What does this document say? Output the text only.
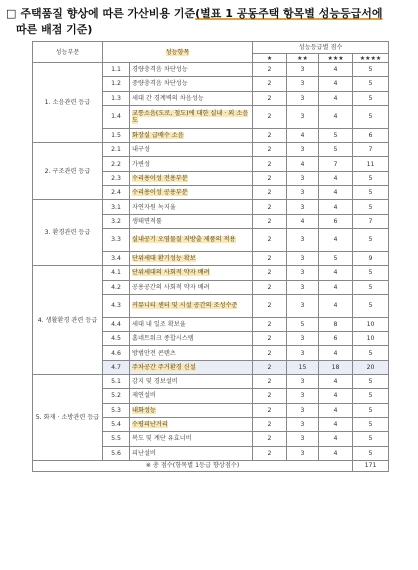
□ 주택품질 향상에 따른 가산비용 기준(별표 1 공동주택 항목별 성능등급서에
따른 배점 기준)
성능부문	성능항목		성능등급별 점수			
			★	★★	★★★	★★★★
1. 소음관련 등급	1.1	경량충격음 차단성능	2	3	4	5
	1.2	중량충격음 차단성능	2	3	4	5
	1.3	세대 간 경계벽의 차음성능	2	3	4	5
	1.4	교통소음(도로, 철도)에 대한 실내 · 외 소음도	2	3	4	5
	1.5	화장실 급배수 소음	2	4	5	6
2. 구조관련 등급	2.1	내구성	2	3	5	7
	2.2	가변성	2	4	7	11
	2.3	수리용이성 전용부분	2	3	4	5
	2.4	수리용이성 공용부분	2	3	4	5
3. 환경관련 등급	3.1	자연자원 녹지율	2	3	4	5
	3.2	생태면적률	2	4	6	7
	3.3	실내공기 오염물질 저방출 제품의 적용	2	3	4	5
	3.4	단위세대 환기성능 확보	2	3	5	9
4. 생활환경 관련 등급	4.1	단위세대의 사회적 약자 배려	2	3	4	5
	4.2	공용공간의 사회적 약자 배려	2	3	4	5
	4.3	커뮤니티 센터 및 시설 공간의 조성수준	2	3	4	5
	4.4	세대 내 일조 확보율	2	5	8	10
	4.5	홈네트워크 종합시스템	2	3	6	10
	4.6	방범안전 콘텐츠	2	3	4	5
	4.7	주차공간 주거환경 신설	2	15	18	20
5. 화재 · 소방관련 등급	5.1	감지 및 경보설비	2	3	4	5
	5.2	제연설비	2	3	4	5
	5.3	내화성능	2	3	4	5
	5.4	수평피난거리	2	3	4	5
	5.5	복도 및 계단 유효너비	2	3	4	5
	5.6	피난설비	2	3	4	5
※ 총 점수(항목별 1등급 향상점수)						171
